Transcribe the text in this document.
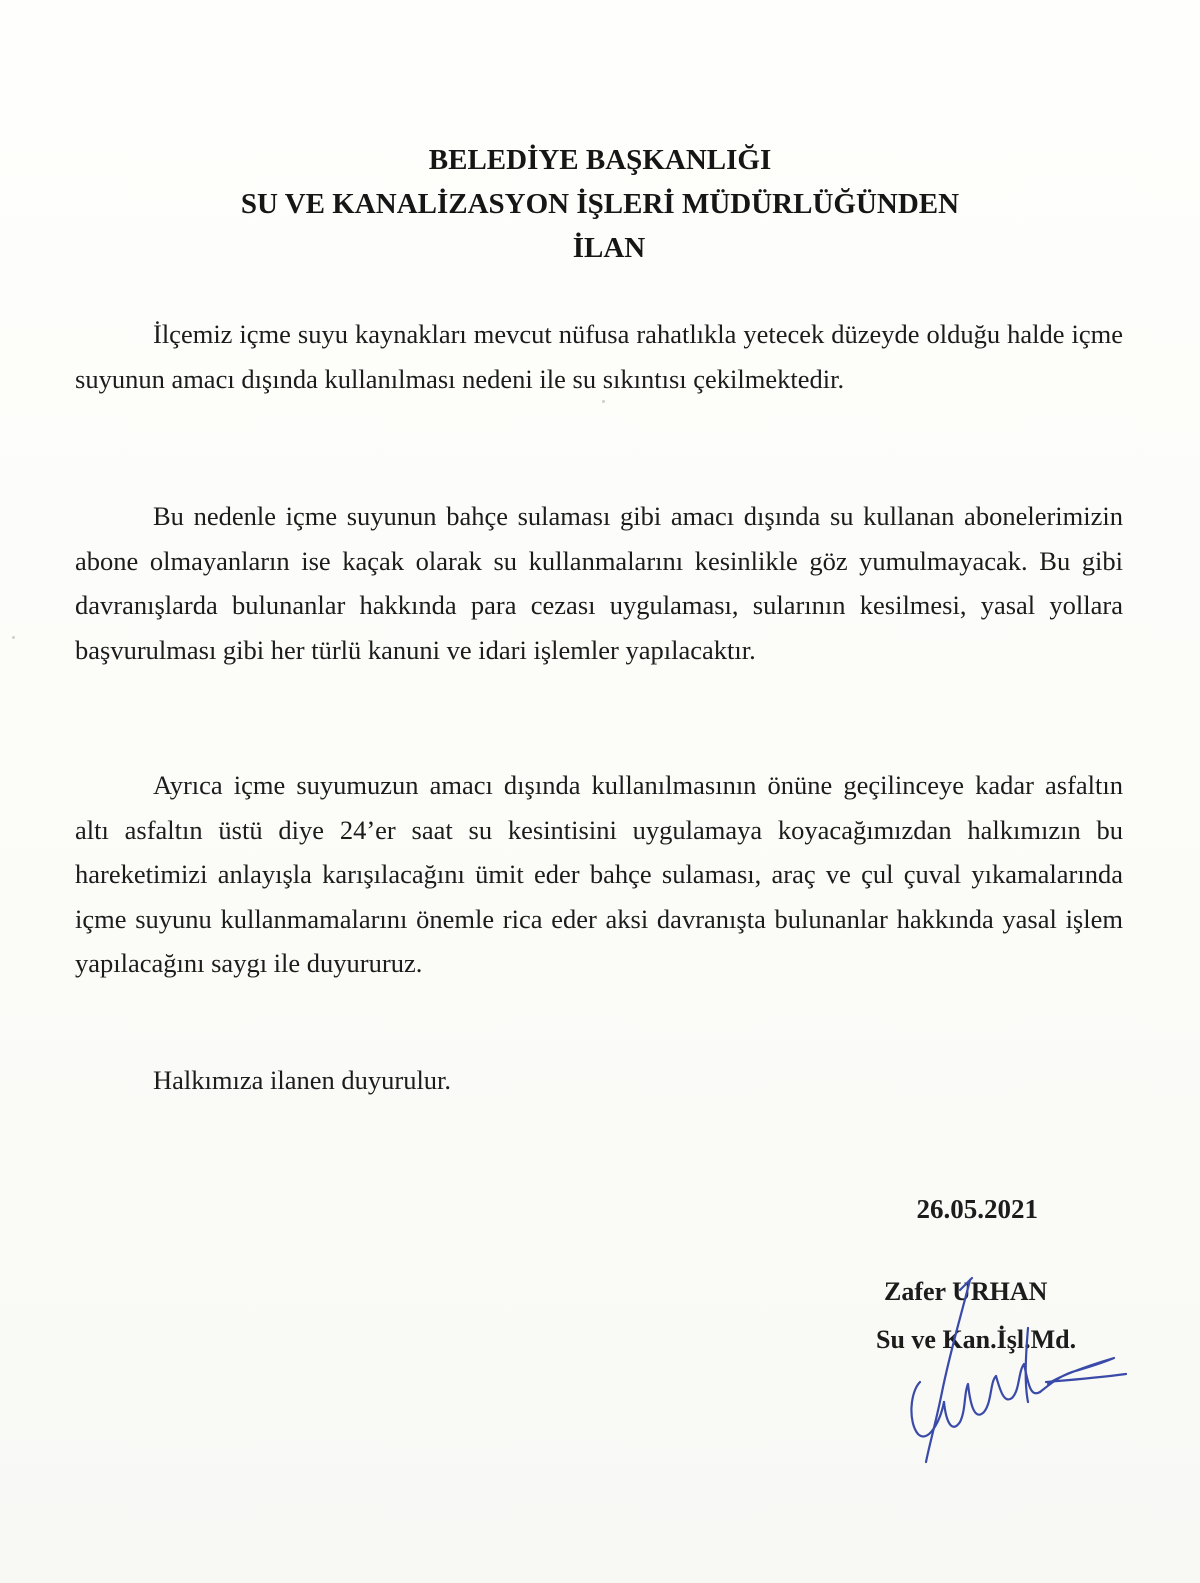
BELEDİYE BAŞKANLIĞI
SU VE KANALİZASYON İŞLERİ MÜDÜRLÜĞÜNDEN
İLAN

İlçemiz içme suyu kaynakları mevcut nüfusa rahatlıkla yetecek düzeyde olduğu halde içme suyunun amacı dışında kullanılması nedeni ile su sıkıntısı çekilmektedir.

Bu nedenle içme suyunun bahçe sulaması gibi amacı dışında su kullanan abonelerimizin abone olmayanların ise kaçak olarak su kullanmalarını kesinlikle göz yumulmayacak. Bu gibi davranışlarda bulunanlar hakkında para cezası uygulaması, sularının kesilmesi, yasal yollara başvurulması gibi her türlü kanuni ve idari işlemler yapılacaktır.

Ayrıca içme suyumuzun amacı dışında kullanılmasının önüne geçilinceye kadar asfaltın altı asfaltın üstü diye 24’er saat su kesintisini uygulamaya koyacağımızdan halkımızın bu hareketimizi anlayışla karışılacağını ümit eder bahçe sulaması, araç ve çul çuval yıkamalarında içme suyunu kullanmamalarını önemle rica eder aksi davranışta bulunanlar hakkında yasal işlem yapılacağını saygı ile duyururuz.

Halkımıza ilanen duyurulur.

26.05.2021
Zafer URHAN
Su ve Kan.İşl.Md.
